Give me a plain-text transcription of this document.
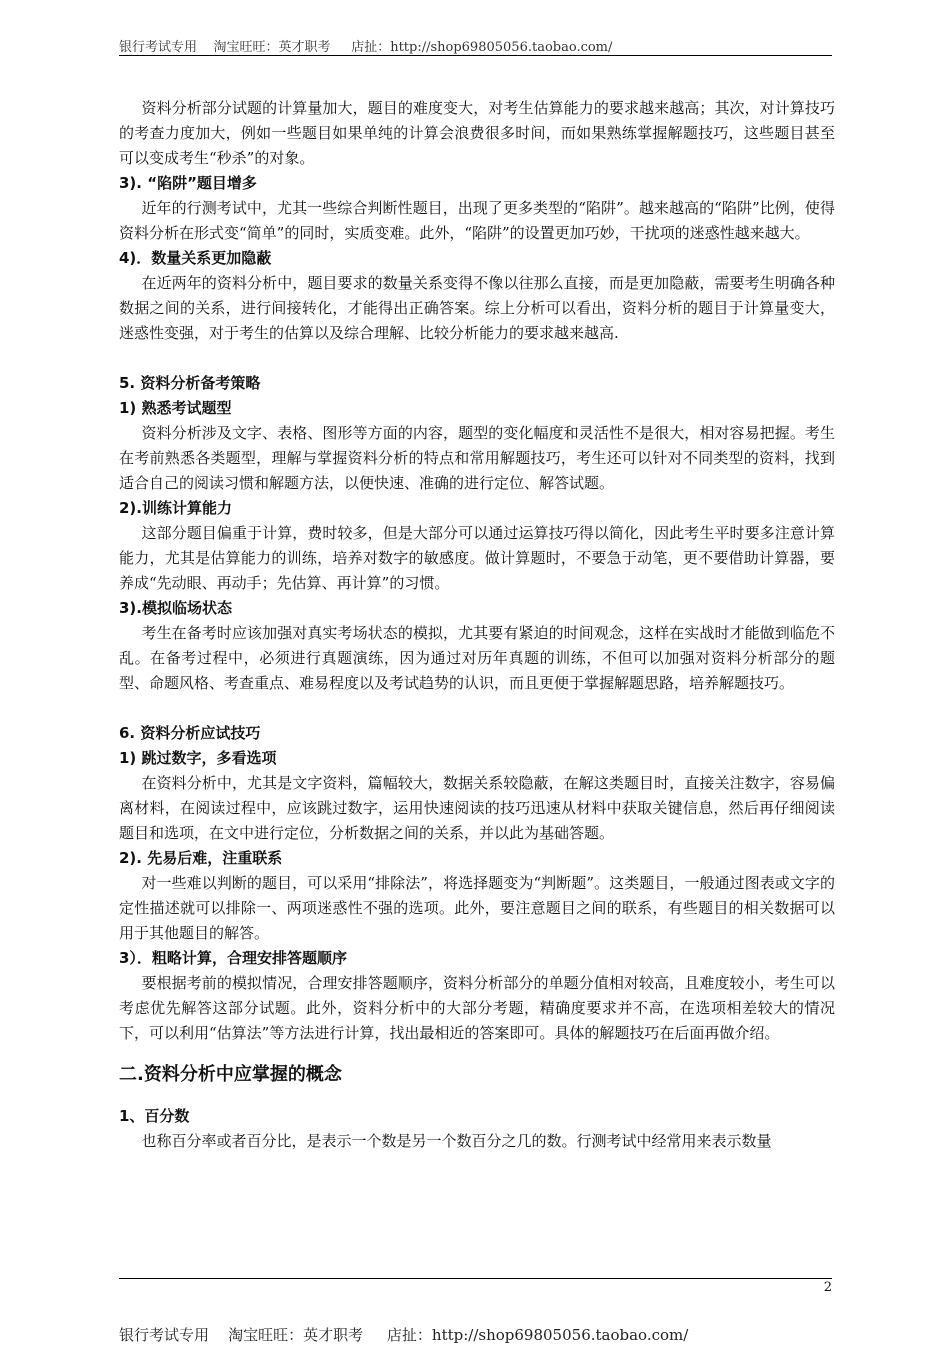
银行考试专用    淘宝旺旺：英才职考     店扯：http://shop69805056.taobao.com/

资料分析部分试题的计算量加大，题目的难度变大，对考生估算能力的要求越来越高；其次，对计算技巧的考查力度加大，例如一些题目如果单纯的计算会浪费很多时间，而如果熟练掌握解题技巧，这些题目甚至可以变成考生“秒杀”的对象。

3). “陷阱”题目增多

近年的行测考试中，尤其一些综合判断性题目，出现了更多类型的“陷阱”。越来越高的“陷阱”比例，使得资料分析在形式变“简单”的同时，实质变难。此外，“陷阱”的设置更加巧妙，干扰项的迷惑性越来越大。

4)．数量关系更加隐蔽

在近两年的资料分析中，题目要求的数量关系变得不像以往那么直接，而是更加隐蔽，需要考生明确各种数据之间的关系，进行间接转化，才能得出正确答案。综上分析可以看出，资料分析的题目于计算量变大，迷惑性变强，对于考生的估算以及综合理解、比较分析能力的要求越来越高.

5. 资料分析备考策略
1) 熟悉考试题型

资料分析涉及文字、表格、图形等方面的内容，题型的变化幅度和灵活性不是很大，相对容易把握。考生在考前熟悉各类题型，理解与掌握资料分析的特点和常用解题技巧，考生还可以针对不同类型的资料，找到适合自己的阅读习惯和解题方法，以便快速、准确的进行定位、解答试题。

2).训练计算能力

这部分题目偏重于计算，费时较多，但是大部分可以通过运算技巧得以简化，因此考生平时要多注意计算能力，尤其是估算能力的训练，培养对数字的敏感度。做计算题时，不要急于动笔，更不要借助计算器，要养成“先动眼、再动手；先估算、再计算”的习惯。

3).模拟临场状态

考生在备考时应该加强对真实考场状态的模拟，尤其要有紧迫的时间观念，这样在实战时才能做到临危不乱。在备考过程中，必须进行真题演练，因为通过对历年真题的训练，不但可以加强对资料分析部分的题型、命题风格、考查重点、难易程度以及考试趋势的认识，而且更便于掌握解题思路，培养解题技巧。

6. 资料分析应试技巧
1) 跳过数字，多看选项

在资料分析中，尤其是文字资料，篇幅较大，数据关系较隐蔽，在解这类题目时，直接关注数字，容易偏离材料，在阅读过程中，应该跳过数字，运用快速阅读的技巧迅速从材料中获取关键信息，然后再仔细阅读题目和选项，在文中进行定位，分析数据之间的关系，并以此为基础答题。

2). 先易后难，注重联系

对一些难以判断的题目，可以采用“排除法”，将选择题变为“判断题”。这类题目，一般通过图表或文字的定性描述就可以排除一、两项迷惑性不强的选项。此外，要注意题目之间的联系，有些题目的相关数据可以用于其他题目的解答。

3）．粗略计算，合理安排答题顺序

要根据考前的模拟情况，合理安排答题顺序，资料分析部分的单题分值相对较高，且难度较小，考生可以考虑优先解答这部分试题。此外，资料分析中的大部分考题，精确度要求并不高，在选项相差较大的情况下，可以利用“估算法”等方法进行计算，找出最相近的答案即可。具体的解题技巧在后面再做介绍。

二.资料分析中应掌握的概念
1、百分数

也称百分率或者百分比，是表示一个数是另一个数百分之几的数。行测考试中经常用来表示数量

2
银行考试专用    淘宝旺旺：英才职考     店扯：http://shop69805056.taobao.com/
